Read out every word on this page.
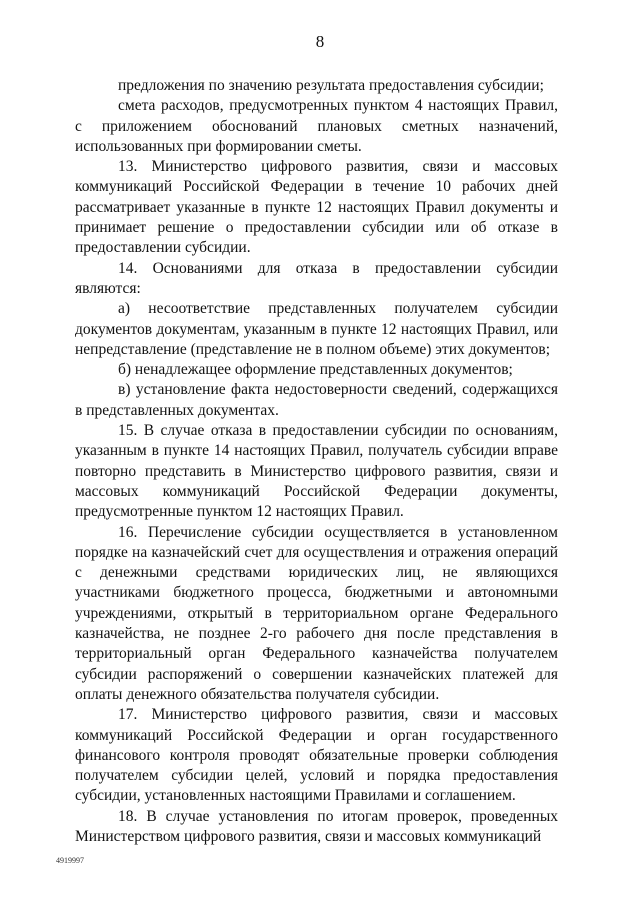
8

предложения по значению результата предоставления субсидии;

смета расходов, предусмотренных пунктом 4 настоящих Правил, с приложением обоснований плановых сметных назначений, использованных при формировании сметы.

13. Министерство цифрового развития, связи и массовых коммуникаций Российской Федерации в течение 10 рабочих дней рассматривает указанные в пункте 12 настоящих Правил документы и принимает решение о предоставлении субсидии или об отказе в предоставлении субсидии.

14. Основаниями для отказа в предоставлении субсидии являются:

а) несоответствие представленных получателем субсидии документов документам, указанным в пункте 12 настоящих Правил, или непредставление (представление не в полном объеме) этих документов;

б) ненадлежащее оформление представленных документов;

в) установление факта недостоверности сведений, содержащихся в представленных документах.

15. В случае отказа в предоставлении субсидии по основаниям, указанным в пункте 14 настоящих Правил, получатель субсидии вправе повторно представить в Министерство цифрового развития, связи и массовых коммуникаций Российской Федерации документы, предусмотренные пунктом 12 настоящих Правил.

16. Перечисление субсидии осуществляется в установленном порядке на казначейский счет для осуществления и отражения операций с денежными средствами юридических лиц, не являющихся участниками бюджетного процесса, бюджетными и автономными учреждениями, открытый в территориальном органе Федерального казначейства, не позднее 2-го рабочего дня после представления в территориальный орган Федерального казначейства получателем субсидии распоряжений о совершении казначейских платежей для оплаты денежного обязательства получателя субсидии.

17. Министерство цифрового развития, связи и массовых коммуникаций Российской Федерации и орган государственного финансового контроля проводят обязательные проверки соблюдения получателем субсидии целей, условий и порядка предоставления субсидии, установленных настоящими Правилами и соглашением.

18. В случае установления по итогам проверок, проведенных Министерством цифрового развития, связи и массовых коммуникаций

4919997
